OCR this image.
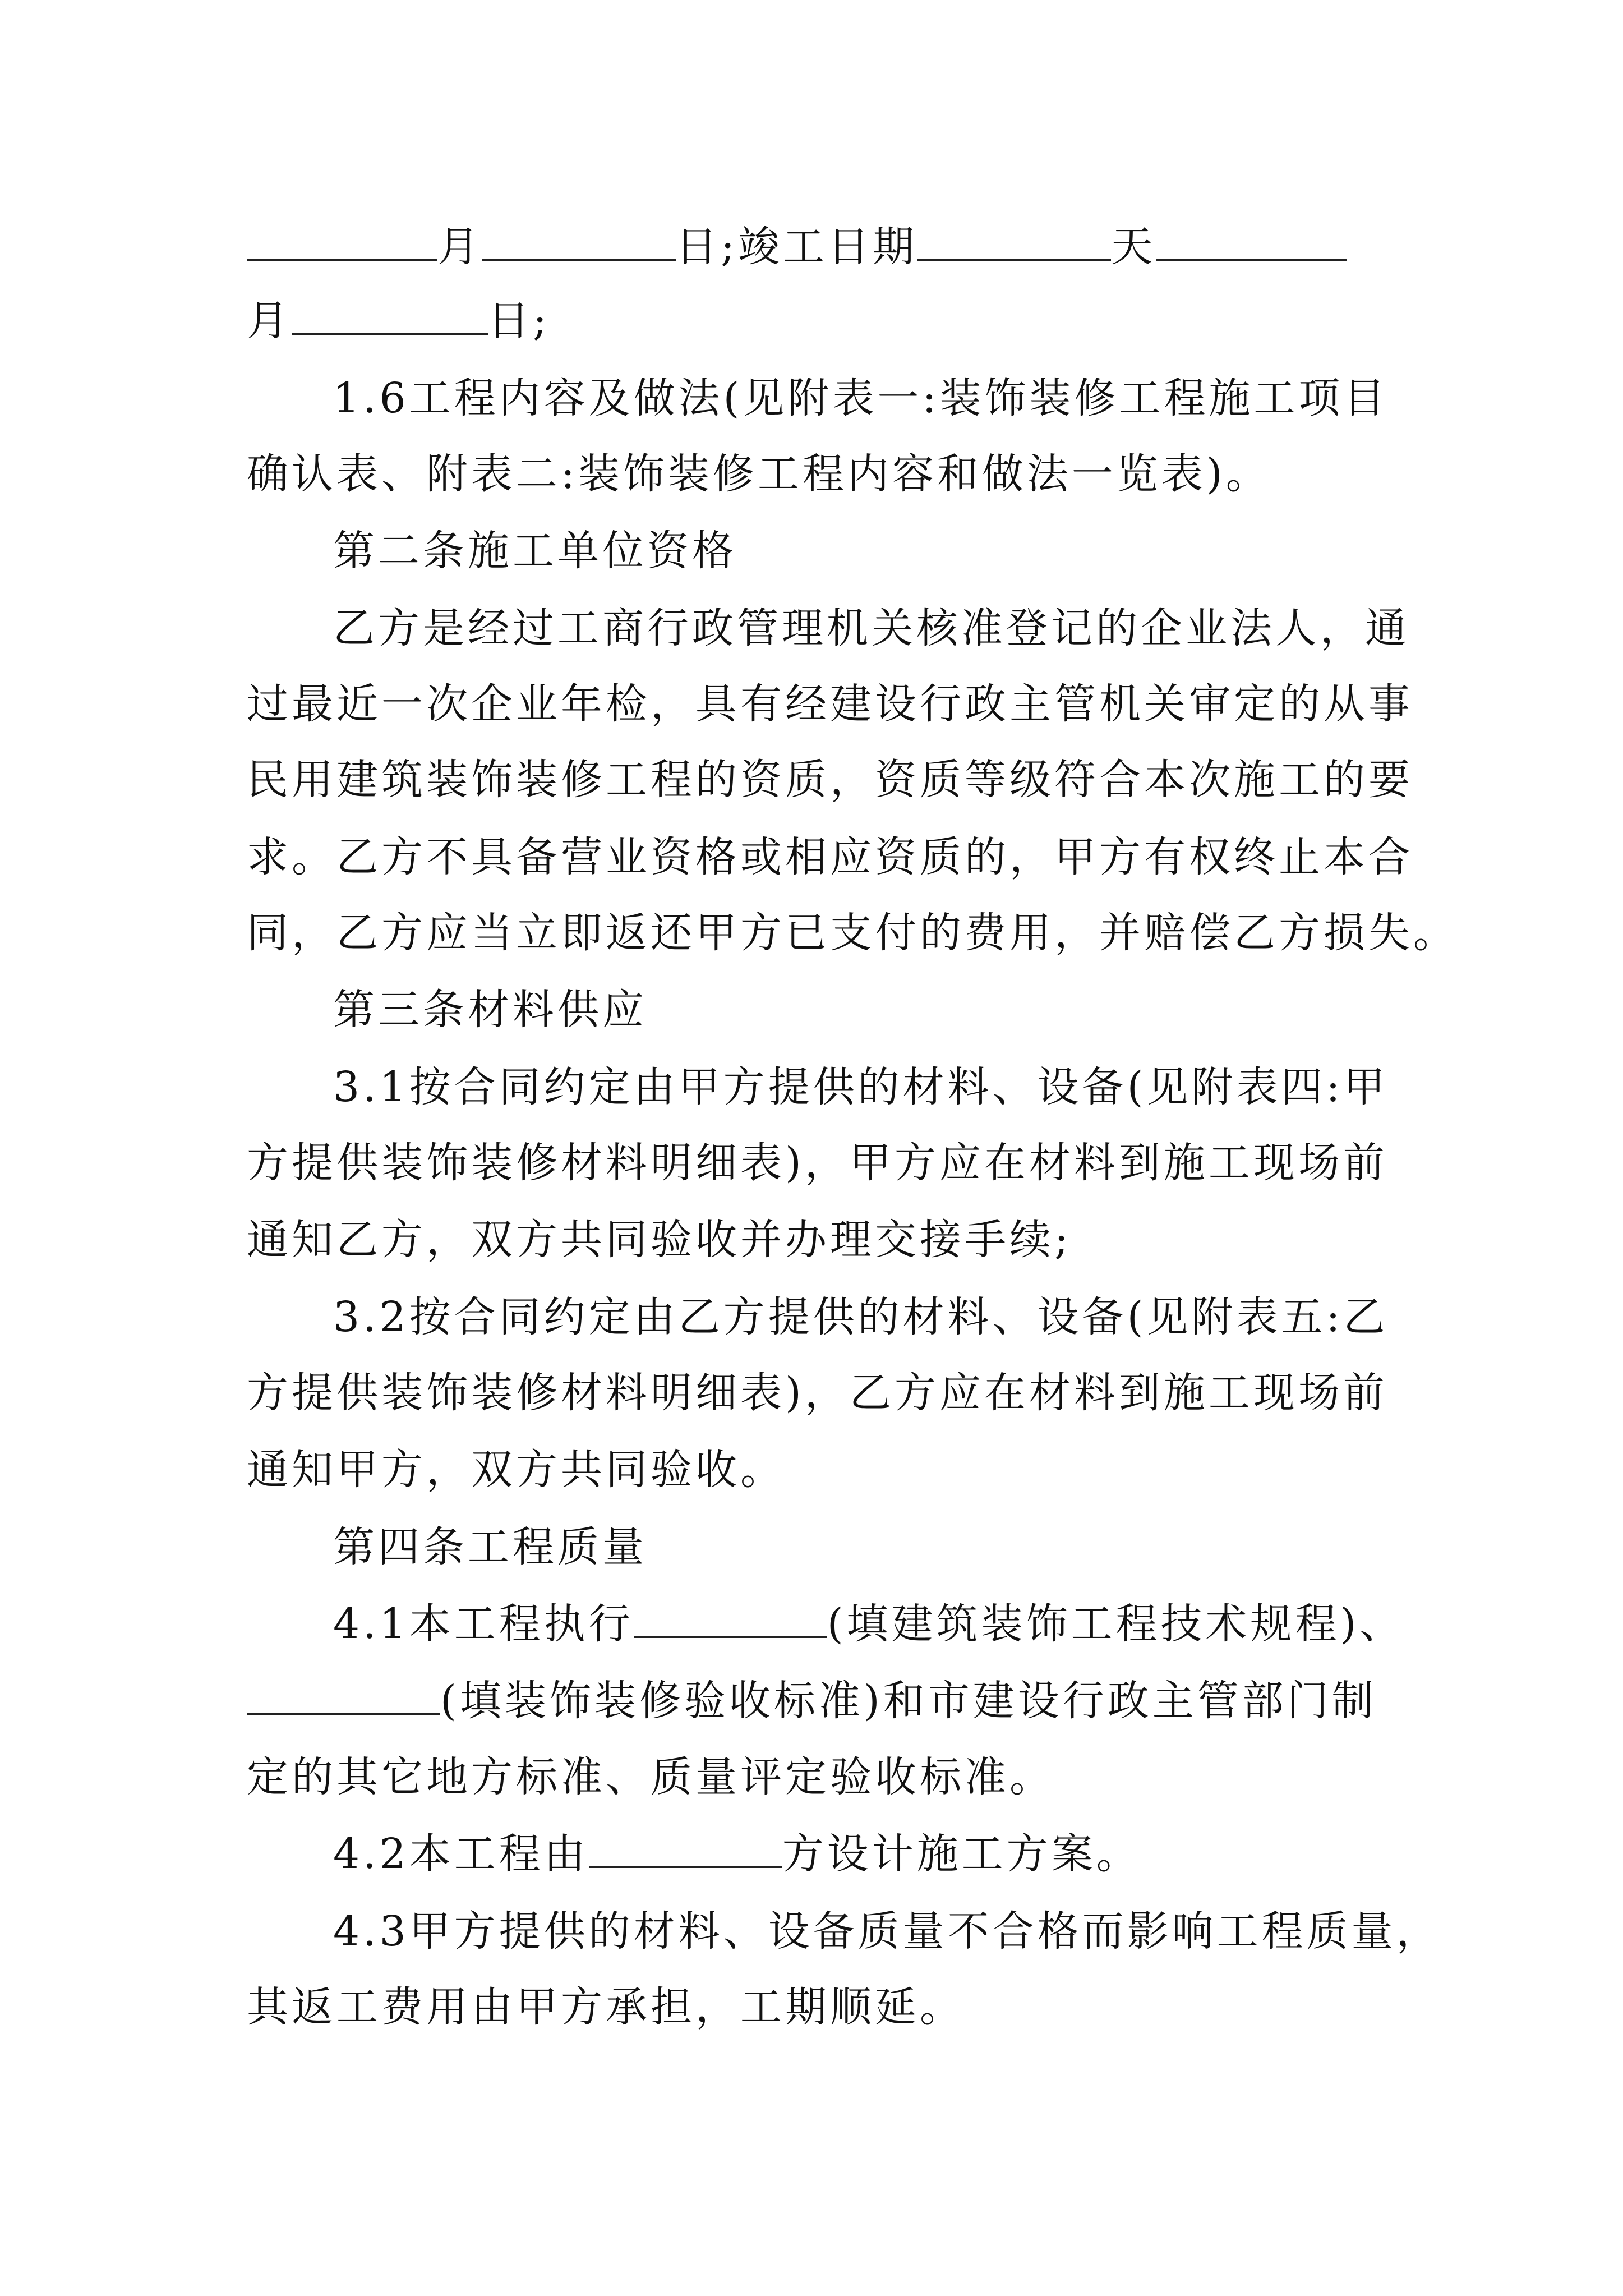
月	日;竣工日期	天
月	日;
1.6工程内容及做法(见附表一:装饰装修工程施工项目
确认表、附表二:装饰装修工程内容和做法一览表)。
第二条施工单位资格
乙方是经过工商行政管理机关核准登记的企业法人，通
过最近一次企业年检，具有经建设行政主管机关审定的从事
民用建筑装饰装修工程的资质，资质等级符合本次施工的要
求。乙方不具备营业资格或相应资质的，甲方有权终止本合
同，乙方应当立即返还甲方已支付的费用，并赔偿乙方损失。
第三条材料供应
3.1按合同约定由甲方提供的材料、设备(见附表四:甲
方提供装饰装修材料明细表)，甲方应在材料到施工现场前
通知乙方，双方共同验收并办理交接手续;
3.2按合同约定由乙方提供的材料、设备(见附表五:乙
方提供装饰装修材料明细表)，乙方应在材料到施工现场前
通知甲方，双方共同验收。
第四条工程质量
4.1本工程执行	(填建筑装饰工程技术规程)、
(填装饰装修验收标准)和市建设行政主管部门制
定的其它地方标准、质量评定验收标准。
4.2本工程由	方设计施工方案。
4.3甲方提供的材料、设备质量不合格而影响工程质量，
其返工费用由甲方承担，工期顺延。
